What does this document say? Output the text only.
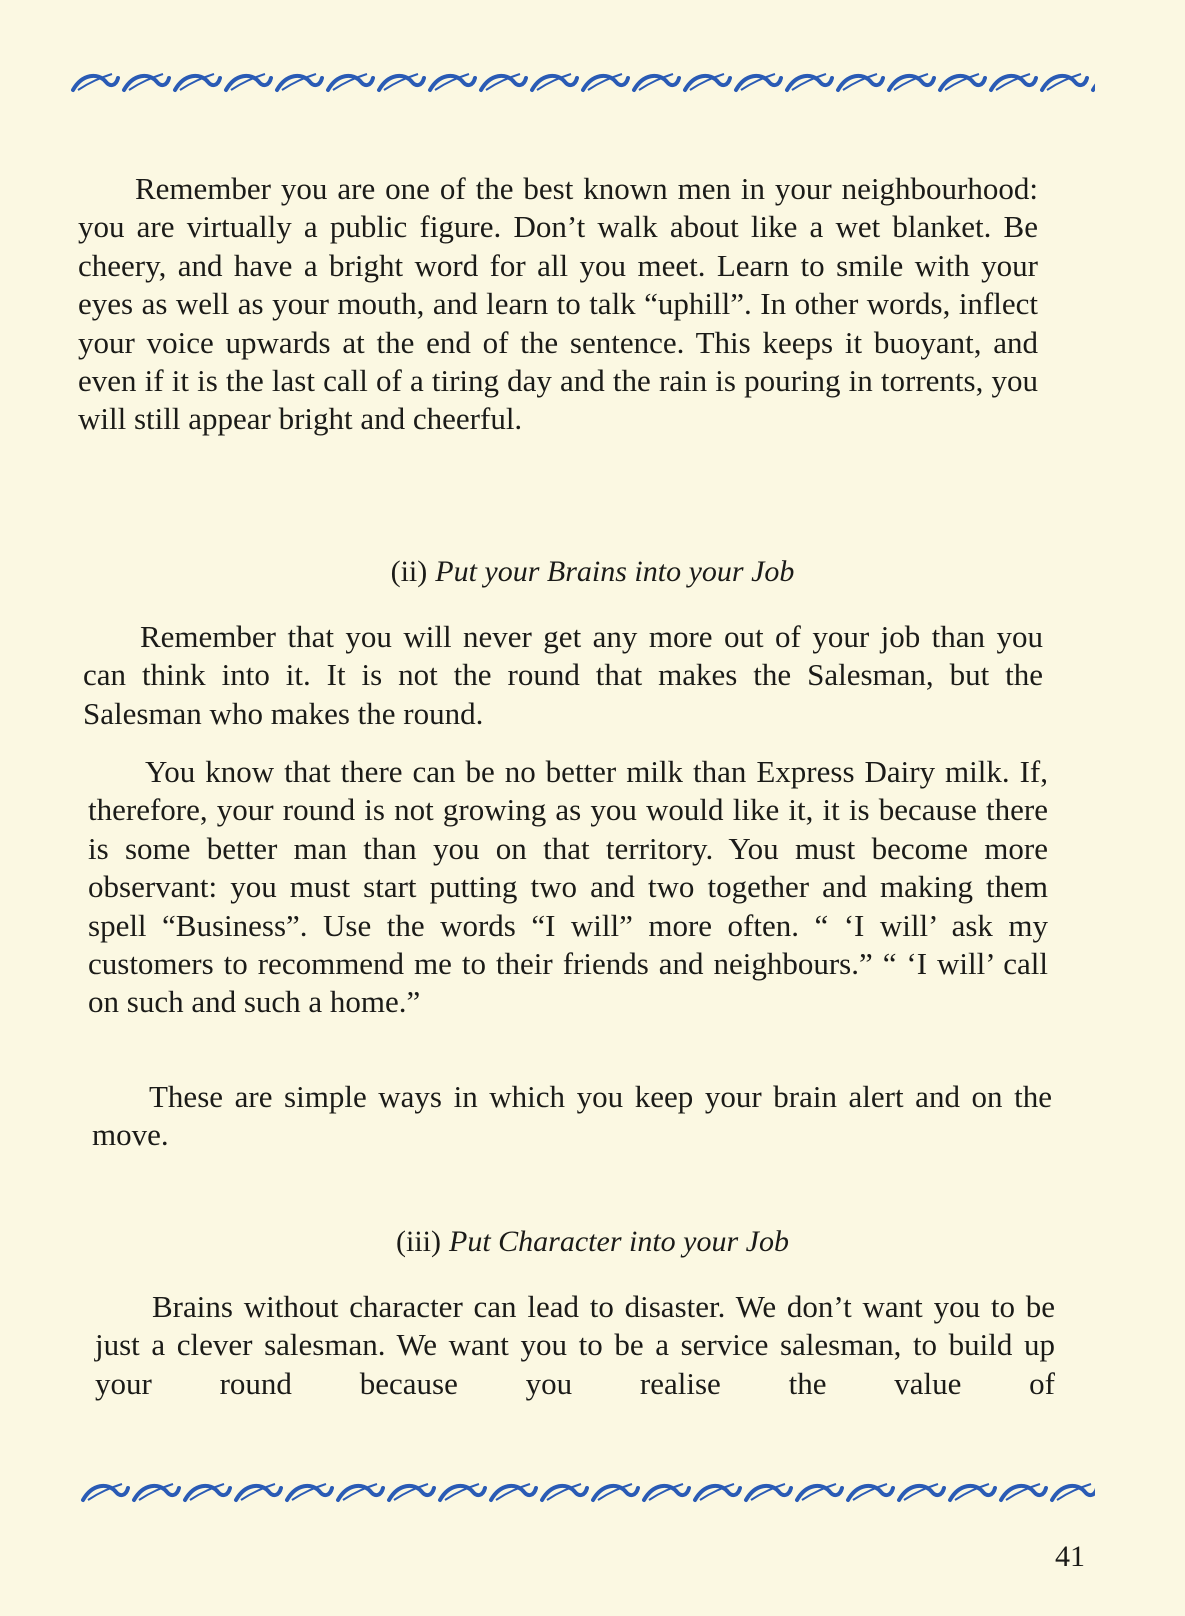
Remember you are one of the best known men in your neighbourhood: you are virtually a public figure. Don’t walk about like a wet blanket. Be cheery, and have a bright word for all you meet. Learn to smile with your eyes as well as your mouth, and learn to talk “uphill”. In other words, inflect your voice upwards at the end of the sentence. This keeps it buoyant, and even if it is the last call of a tiring day and the rain is pouring in torrents, you will still appear bright and cheerful.

(ii) Put your Brains into your Job

Remember that you will never get any more out of your job than you can think into it. It is not the round that makes the Salesman, but the Salesman who makes the round.

You know that there can be no better milk than Express Dairy milk. If, therefore, your round is not growing as you would like it, it is because there is some better man than you on that territory. You must become more observant: you must start putting two and two together and making them spell “Business”. Use the words “I will” more often. “ ‘I will’ ask my customers to recommend me to their friends and neighbours.” “ ‘I will’ call on such and such a home.”

These are simple ways in which you keep your brain alert and on the move.

(iii) Put Character into your Job

Brains without character can lead to disaster. We don’t want you to be just a clever salesman. We want you to be a service salesman, to build up your round because you realise the value of

41
